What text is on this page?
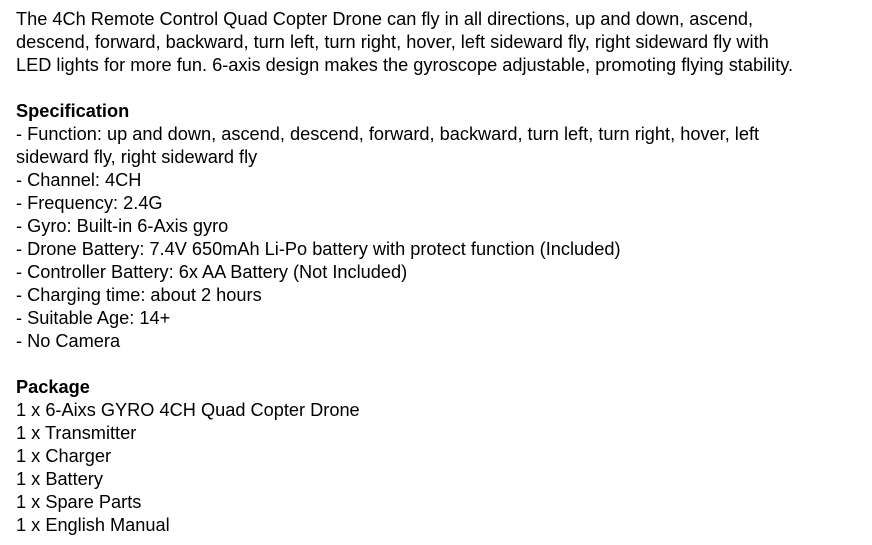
The 4Ch Remote Control Quad Copter Drone can fly in all directions, up and down, ascend,

descend, forward, backward, turn left, turn right, hover, left sideward fly, right sideward fly with

LED lights for more fun. 6-axis design makes the gyroscope adjustable, promoting flying stability.

Specification

- Function: up and down, ascend, descend, forward, backward, turn left, turn right, hover, left

sideward fly, right sideward fly

- Channel: 4CH

- Frequency: 2.4G

- Gyro: Built-in 6-Axis gyro

- Drone Battery: 7.4V 650mAh Li-Po battery with protect function (Included)

- Controller Battery: 6x AA Battery (Not Included)

- Charging time: about 2 hours

- Suitable Age: 14+

- No Camera

Package

1 x 6-Aixs GYRO 4CH Quad Copter Drone

1 x Transmitter

1 x Charger

1 x Battery

1 x Spare Parts

1 x English Manual
